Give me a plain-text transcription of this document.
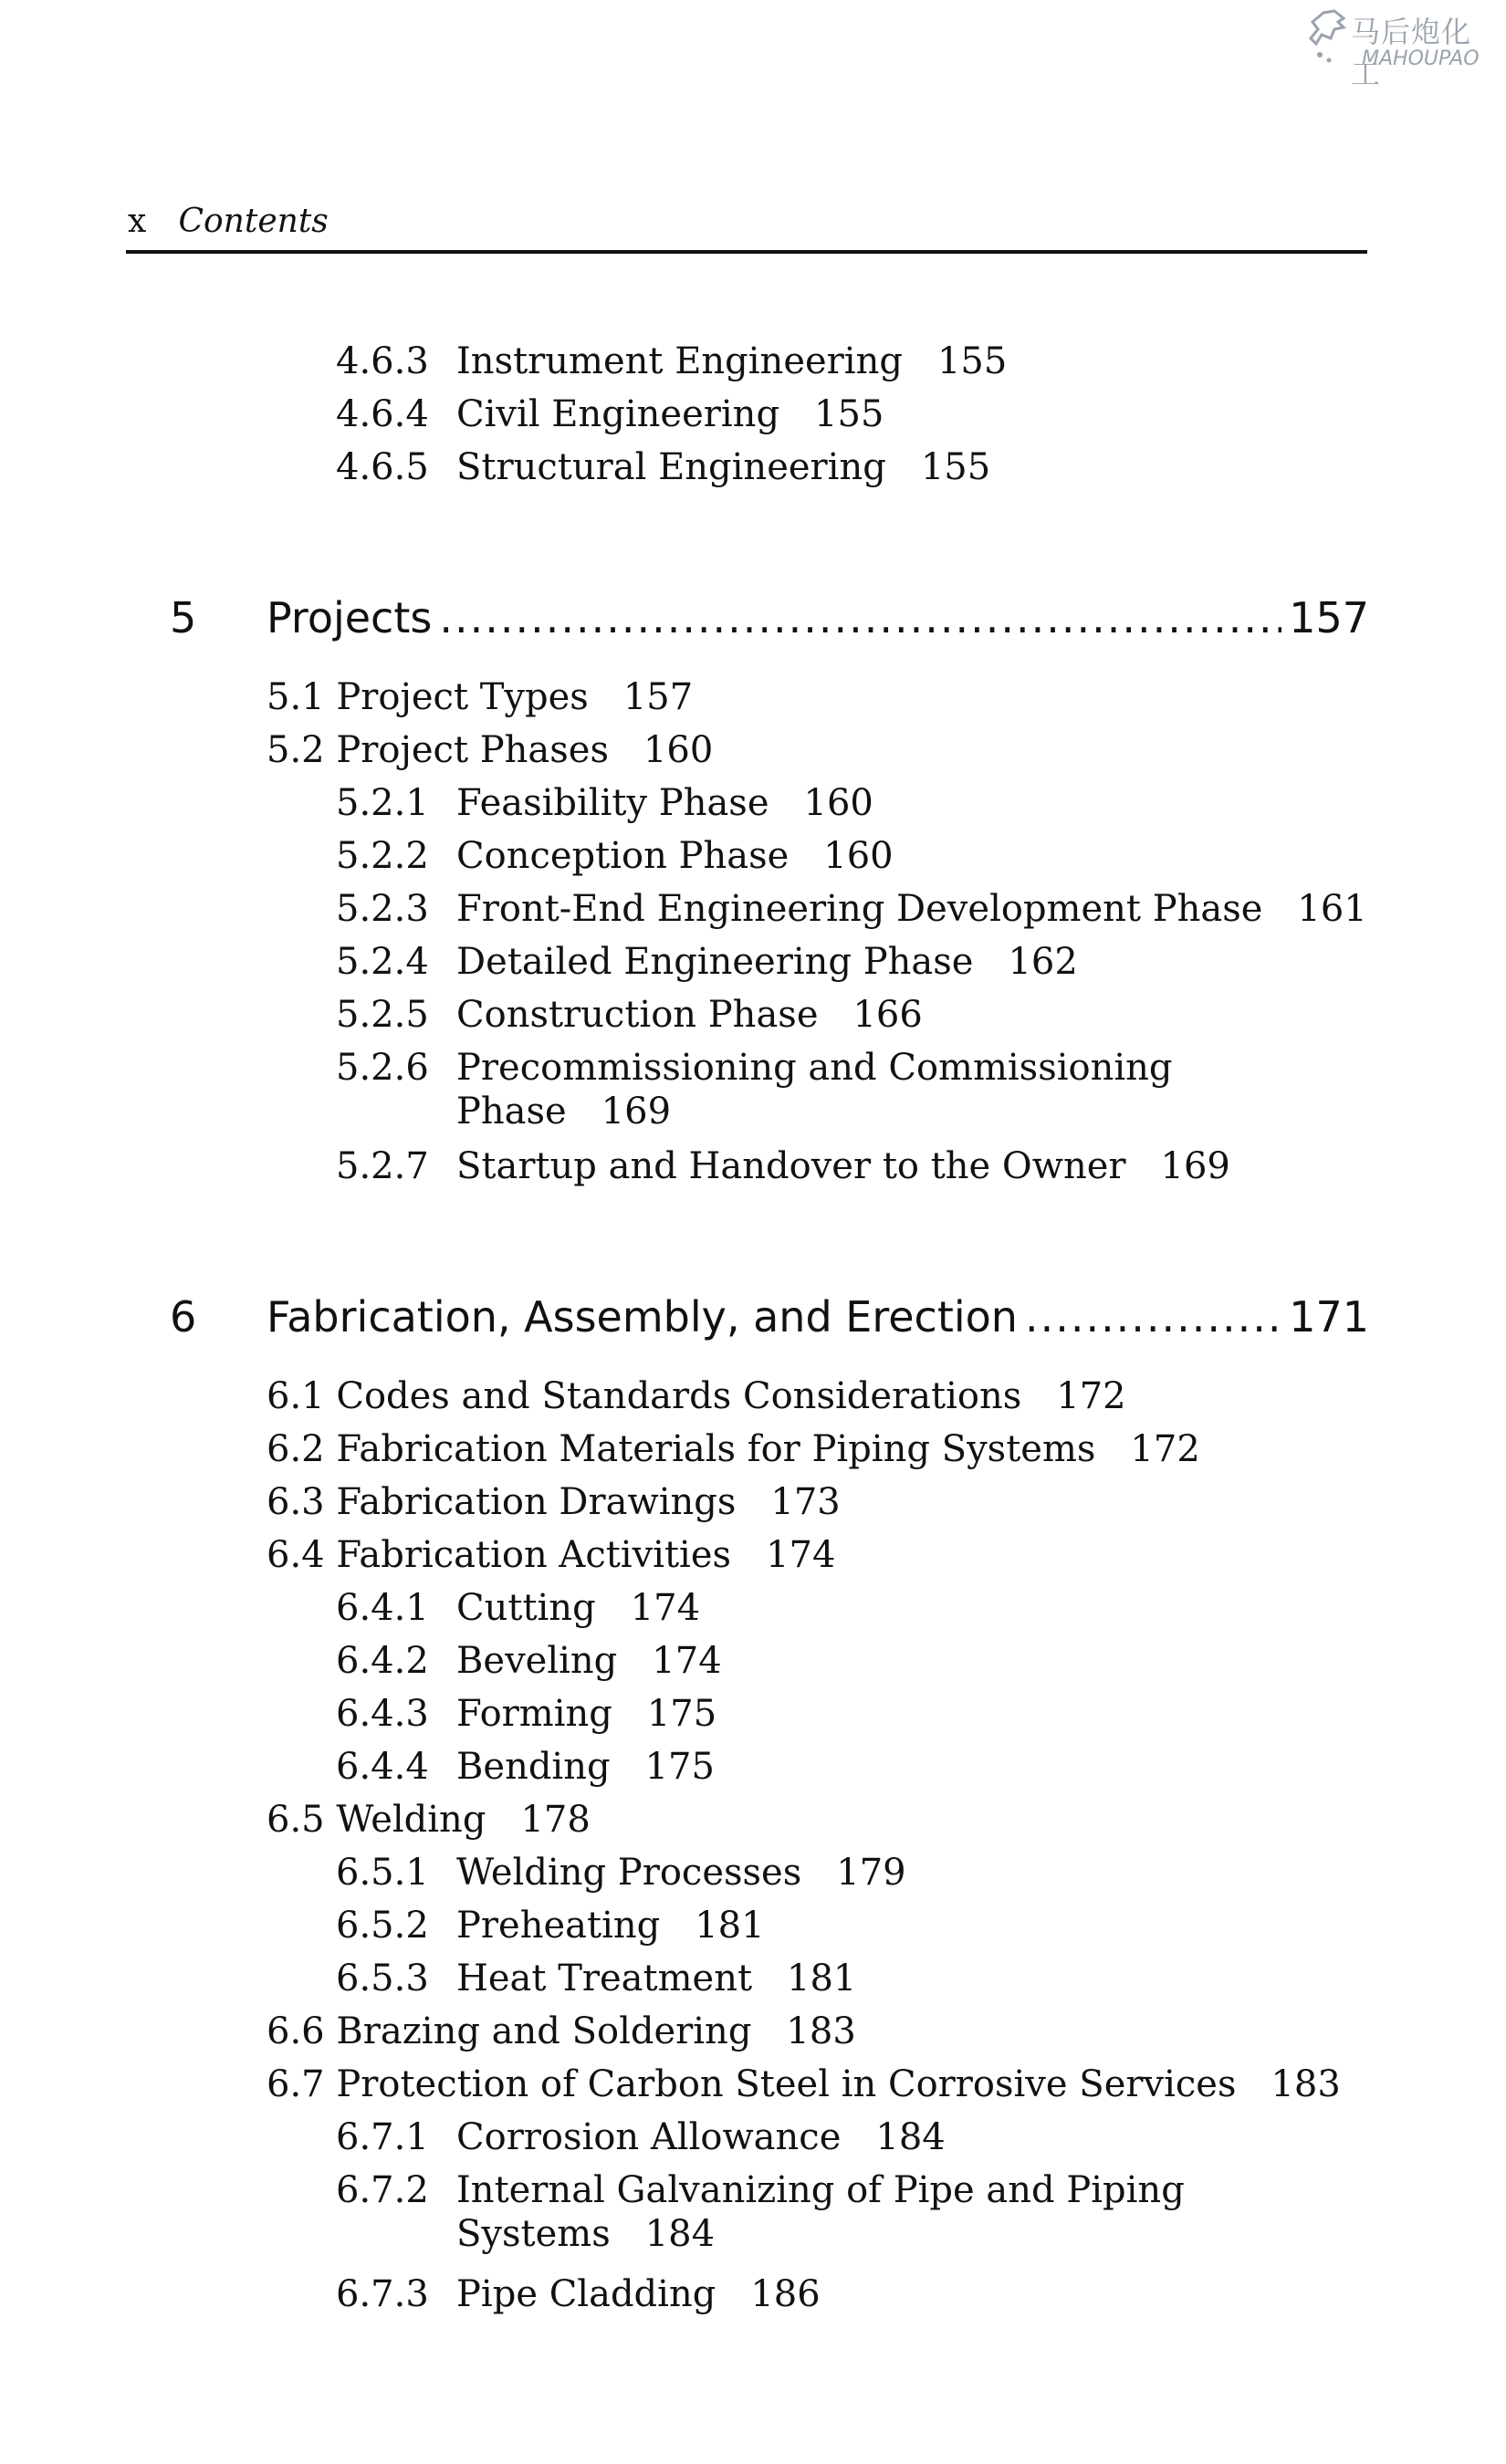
马后炮化工
MAHOUPAO
x Contents
4.6.3 Instrument Engineering 155
4.6.4 Civil Engineering 155
4.6.5 Structural Engineering 155
5	Projects .....	157
5.1 Project Types 157
5.2 Project Phases 160
5.2.1 Feasibility Phase 160
5.2.2 Conception Phase 160
5.2.3 Front-End Engineering Development Phase 161
5.2.4 Detailed Engineering Phase 162
5.2.5 Construction Phase 166
5.2.6 Precommissioning and Commissioning
Phase 169
5.2.7 Startup and Handover to the Owner 169
6	Fabrication, Assembly, and Erection .....	171
6.1 Codes and Standards Considerations 172
6.2 Fabrication Materials for Piping Systems 172
6.3 Fabrication Drawings 173
6.4 Fabrication Activities 174
6.4.1 Cutting 174
6.4.2 Beveling 174
6.4.3 Forming 175
6.4.4 Bending 175
6.5 Welding 178
6.5.1 Welding Processes 179
6.5.2 Preheating 181
6.5.3 Heat Treatment 181
6.6 Brazing and Soldering 183
6.7 Protection of Carbon Steel in Corrosive Services 183
6.7.1 Corrosion Allowance 184
6.7.2 Internal Galvanizing of Pipe and Piping
Systems 184
6.7.3 Pipe Cladding 186
